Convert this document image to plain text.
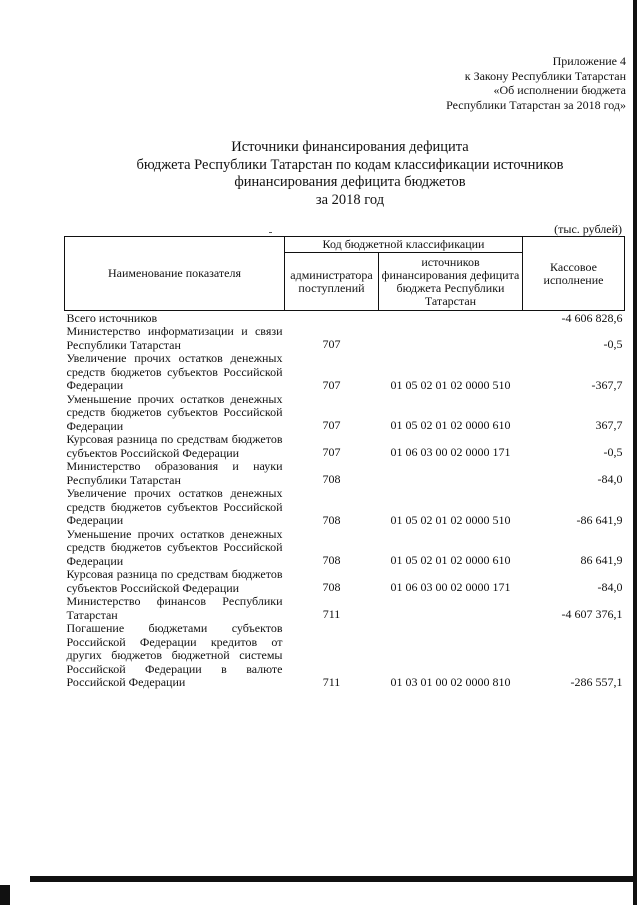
Приложение 4
к Закону Республики Татарстан
«Об исполнении бюджета
Республики Татарстан за 2018 год»
Источники финансирования дефицита
бюджета Республики Татарстан по кодам классификации источников
финансирования дефицита бюджетов
за 2018 год
(тыс. рублей)
Наименование показателя	Код бюджетной классификации		Кассовое исполнение
	администратора поступлений	источников финансирования дефицита бюджета Республики Татарстан	
Всего источников			-4 606 828,6
Министерство информатизации и связи Республики Татарстан	707		-0,5
Увеличение прочих остатков денежных средств бюджетов субъектов Российской Федерации	707	01 05 02 01 02 0000 510	-367,7
Уменьшение прочих остатков денежных средств бюджетов субъектов Российской Федерации	707	01 05 02 01 02 0000 610	367,7
Курсовая разница по средствам бюджетов субъектов Российской Федерации	707	01 06 03 00 02 0000 171	-0,5
Министерство образования и науки Республики Татарстан	708		-84,0
Увеличение прочих остатков денежных средств бюджетов субъектов Российской Федерации	708	01 05 02 01 02 0000 510	-86 641,9
Уменьшение прочих остатков денежных средств бюджетов субъектов Российской Федерации	708	01 05 02 01 02 0000 610	86 641,9
Курсовая разница по средствам бюджетов субъектов Российской Федерации	708	01 06 03 00 02 0000 171	-84,0
Министерство финансов Республики Татарстан	711		-4 607 376,1
Погашение бюджетами субъектов Российской Федерации кредитов от других бюджетов бюджетной системы Российской Федерации в валюте Российской Федерации	711	01 03 01 00 02 0000 810	-286 557,1
